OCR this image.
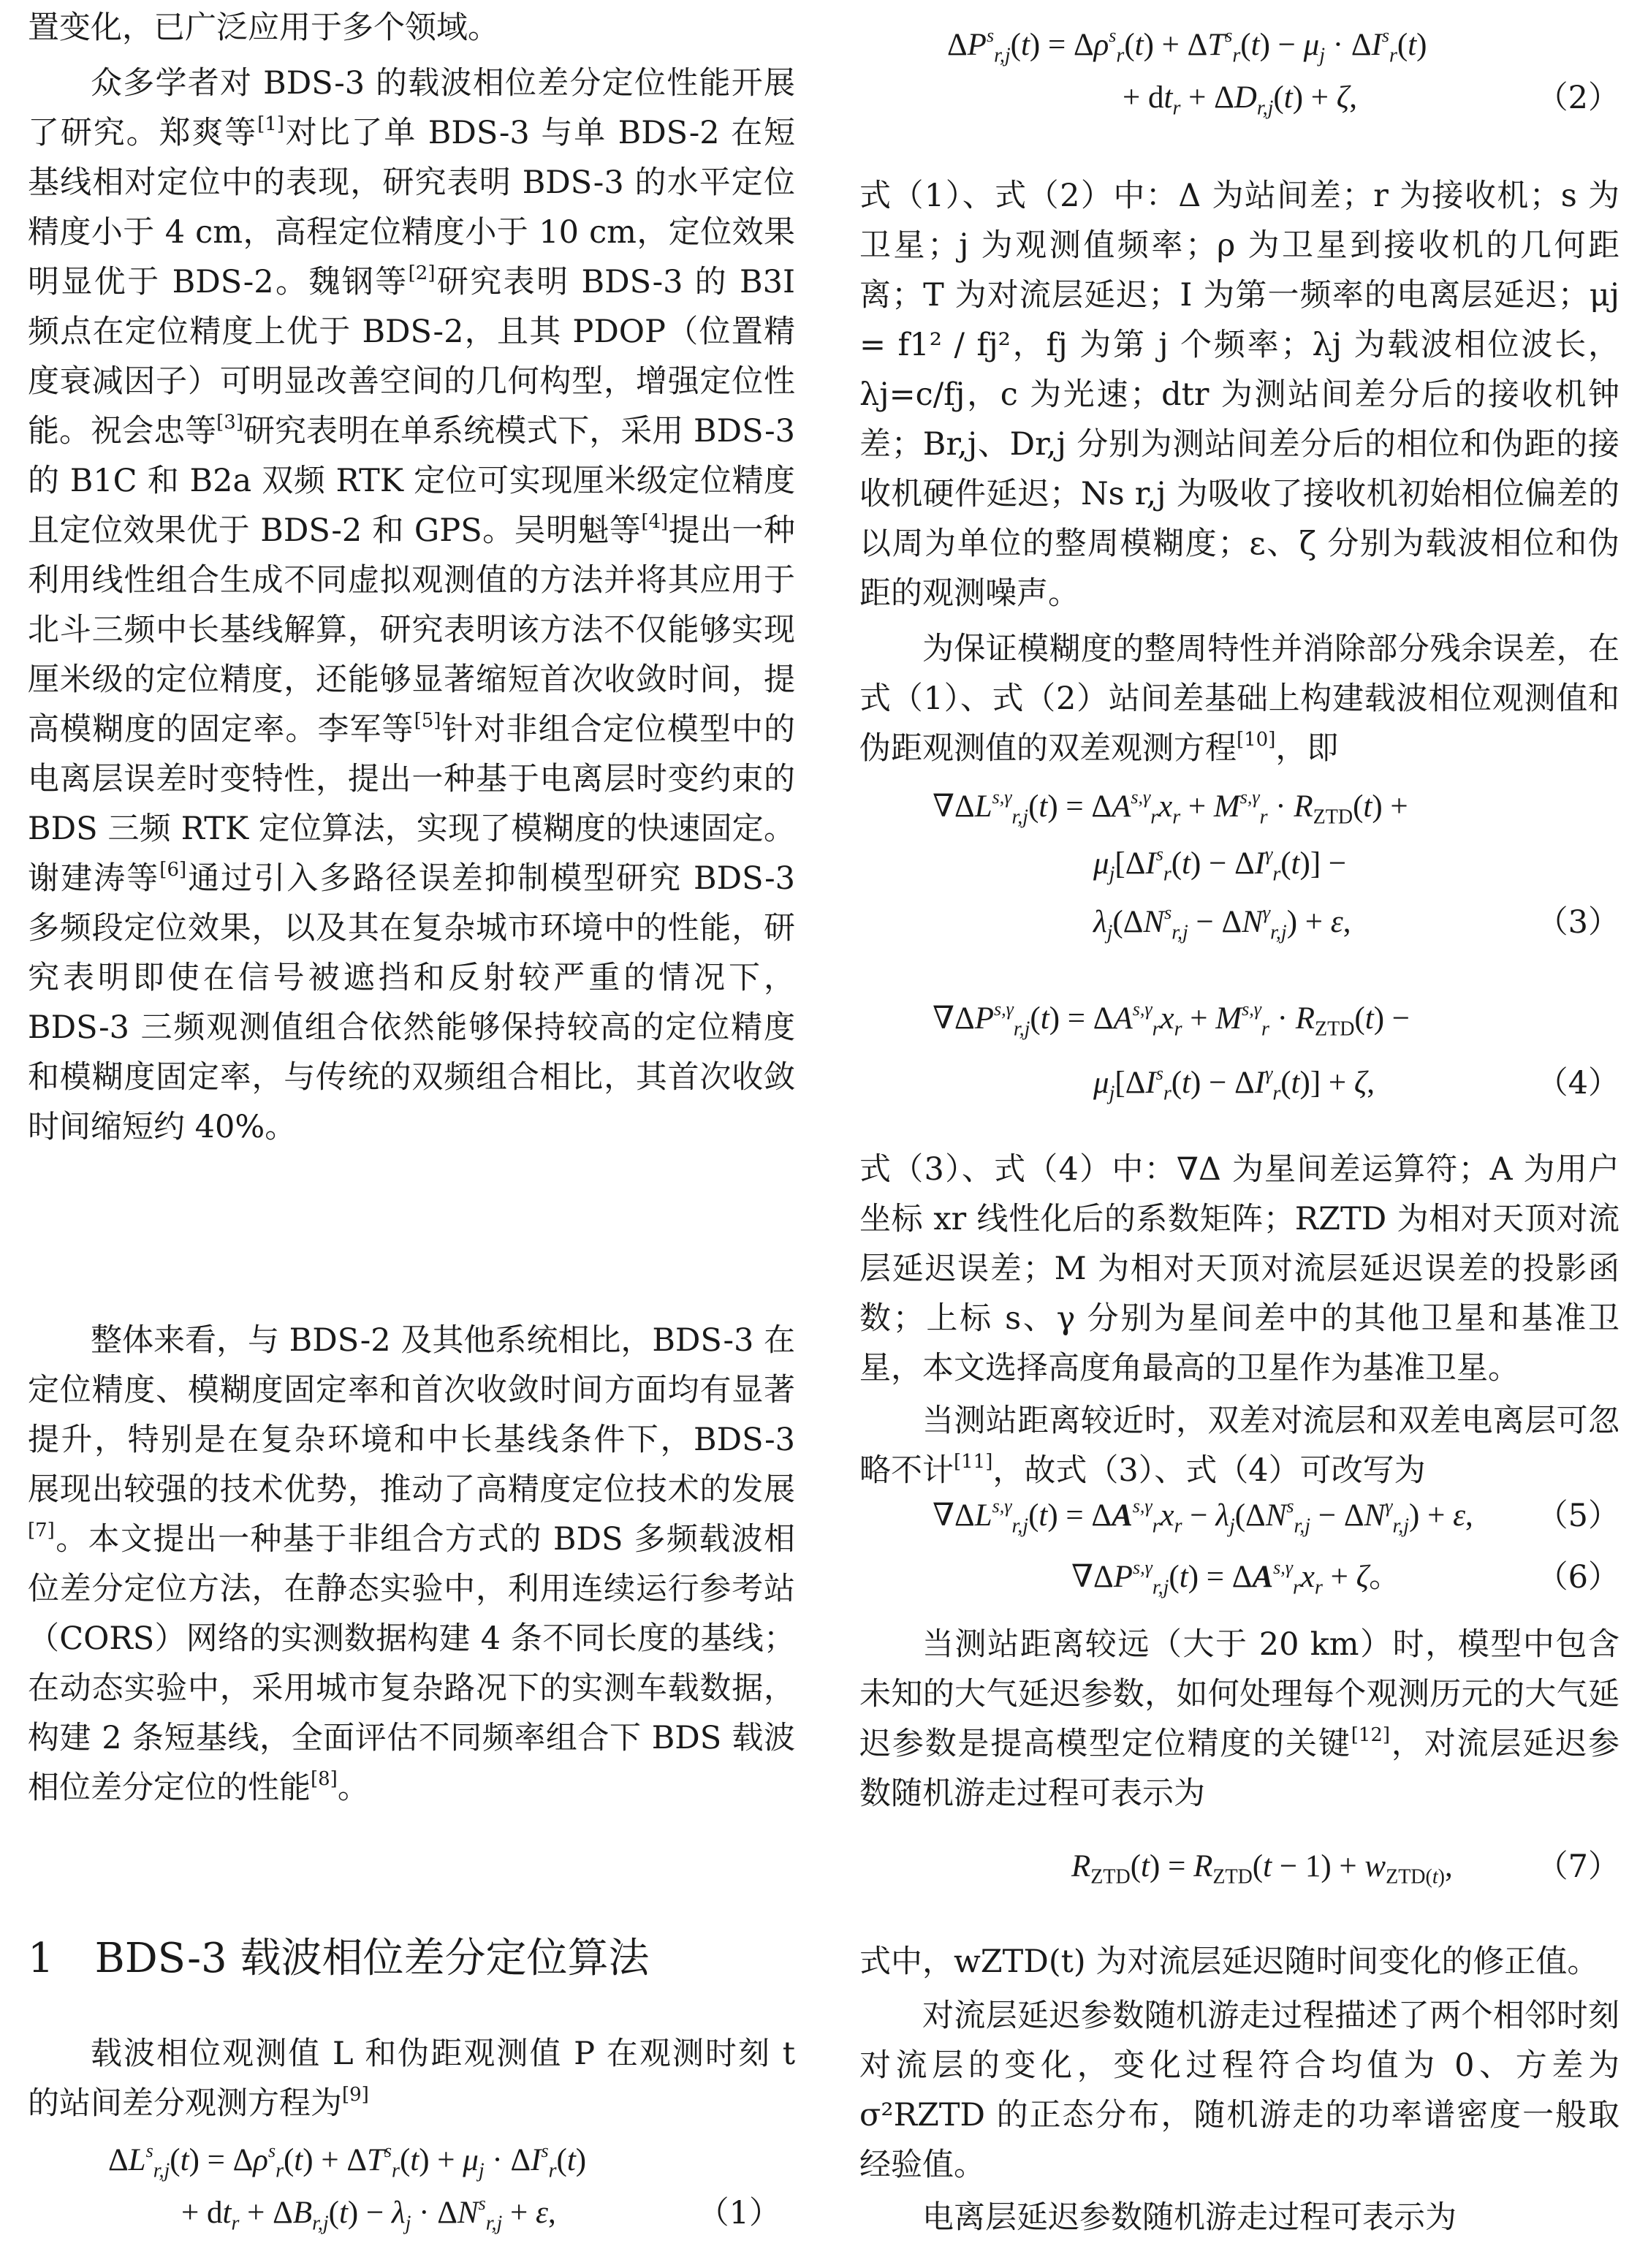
置变化，已广泛应用于多个领域。

众多学者对 BDS-3 的载波相位差分定位性能开展了研究。郑爽等[1]对比了单 BDS-3 与单 BDS-2 在短基线相对定位中的表现，研究表明 BDS-3 的水平定位精度小于 4 cm，高程定位精度小于 10 cm，定位效果明显优于 BDS-2。魏钢等[2]研究表明 BDS-3 的 B3I 频点在定位精度上优于 BDS-2，且其 PDOP（位置精度衰减因子）可明显改善空间的几何构型，增强定位性能。祝会忠等[3]研究表明在单系统模式下，采用 BDS-3 的 B1C 和 B2a 双频 RTK 定位可实现厘米级定位精度且定位效果优于 BDS-2 和 GPS。吴明魁等[4]提出一种利用线性组合生成不同虚拟观测值的方法并将其应用于北斗三频中长基线解算，研究表明该方法不仅能够实现厘米级的定位精度，还能够显著缩短首次收敛时间，提高模糊度的固定率。李军等[5]针对非组合定位模型中的电离层误差时变特性，提出一种基于电离层时变约束的 BDS 三频 RTK 定位算法，实现了模糊度的快速固定。谢建涛等[6]通过引入多路径误差抑制模型研究 BDS-3 多频段定位效果，以及其在复杂城市环境中的性能，研究表明即使在信号被遮挡和反射较严重的情况下，BDS-3 三频观测值组合依然能够保持较高的定位精度和模糊度固定率，与传统的双频组合相比，其首次收敛时间缩短约 40%。

整体来看，与 BDS-2 及其他系统相比，BDS-3 在定位精度、模糊度固定率和首次收敛时间方面均有显著提升，特别是在复杂环境和中长基线条件下，BDS-3 展现出较强的技术优势，推动了高精度定位技术的发展[7]。本文提出一种基于非组合方式的 BDS 多频载波相位差分定位方法，在静态实验中，利用连续运行参考站（CORS）网络的实测数据构建 4 条不同长度的基线；在动态实验中，采用城市复杂路况下的实测车载数据，构建 2 条短基线，全面评估不同频率组合下 BDS 载波相位差分定位的性能[8]。

1　BDS-3 载波相位差分定位算法

载波相位观测值 L 和伪距观测值 P 在观测时刻 t 的站间差分观测方程为[9]

$\Delta L^s_{r,j}(t) = \Delta\rho^s_r(t) + \Delta T^s_r(t) + \mu_j \cdot \Delta I^s_r(t)$
+ $dt_r + \Delta B_{r,j}(t) - \lambda_j \cdot \Delta N^s_{r,j} + \varepsilon$,	（1）
$\Delta P^s_{r,j}(t) = \Delta\rho^s_r(t) + \Delta T^s_r(t) - \mu_j \cdot \Delta I^s_r(t)$
+ $dt_r + \Delta D_{r,j}(t) + \zeta$,	（2）

式（1）、式（2）中：Δ 为站间差；r 为接收机；s 为卫星；j 为观测值频率；ρ 为卫星到接收机的几何距离；T 为对流层延迟；I 为第一频率的电离层延迟；μj = f1² / fj²，fj 为第 j 个频率；λj 为载波相位波长，λj=c/fj，c 为光速；dtr 为测站间差分后的接收机钟差；Br,j、Dr,j 分别为测站间差分后的相位和伪距的接收机硬件延迟；Ns r,j 为吸收了接收机初始相位偏差的以周为单位的整周模糊度；ε、ζ 分别为载波相位和伪距的观测噪声。

为保证模糊度的整周特性并消除部分残余误差，在式（1）、式（2）站间差基础上构建载波相位观测值和伪距观测值的双差观测方程[10]，即

$\nabla\Delta L^{s,\gamma}_{r,j}(t) = \Delta A^{s,\gamma}_rx_r + M^{s,\gamma}_r \cdot R_{ZTD}(t)$ +
$\mu_j[\Delta I^s_r(t) - \Delta I^\gamma_r(t)]$ −
$\lambda_j(\Delta N^s_{r,j} - \Delta N^\gamma_{r,j}) + \varepsilon$,	（3）
$\nabla\Delta P^{s,\gamma}_{r,j}(t) = \Delta A^{s,\gamma}_rx_r + M^{s,\gamma}_r \cdot R_{ZTD}(t)$ −
$\mu_j[\Delta I^s_r(t) - \Delta I^\gamma_r(t)] + \zeta$,	（4）

式（3）、式（4）中：∇Δ 为星间差运算符；A 为用户坐标 xr 线性化后的系数矩阵；RZTD 为相对天顶对流层延迟误差；M 为相对天顶对流层延迟误差的投影函数；上标 s、γ 分别为星间差中的其他卫星和基准卫星，本文选择高度角最高的卫星作为基准卫星。

当测站距离较近时，双差对流层和双差电离层可忽略不计[11]，故式（3）、式（4）可改写为

$\nabla\Delta L^{s,\gamma}_{r,j}(t) = \Delta A^{s,\gamma}_rx_r - \lambda_j(\Delta N^s_{r,j} - \Delta N^\gamma_{r,j}) + \varepsilon$, （5）
$\nabla\Delta P^{s,\gamma}_{r,j}(t) = \Delta A^{s,\gamma}_rx_r + \zeta$。	（6）

当测站距离较远（大于 20 km）时，模型中包含未知的大气延迟参数，如何处理每个观测历元的大气延迟参数是提高模型定位精度的关键[12]，对流层延迟参数随机游走过程可表示为

$R_{ZTD}(t) = R_{ZTD}(t - 1) + w_{ZTD(t)}$,	（7）

式中，wZTD(t) 为对流层延迟随时间变化的修正值。

对流层延迟参数随机游走过程描述了两个相邻时刻对流层的变化，变化过程符合均值为 0、方差为 σ²RZTD 的正态分布，随机游走的功率谱密度一般取经验值。

电离层延迟参数随机游走过程可表示为
